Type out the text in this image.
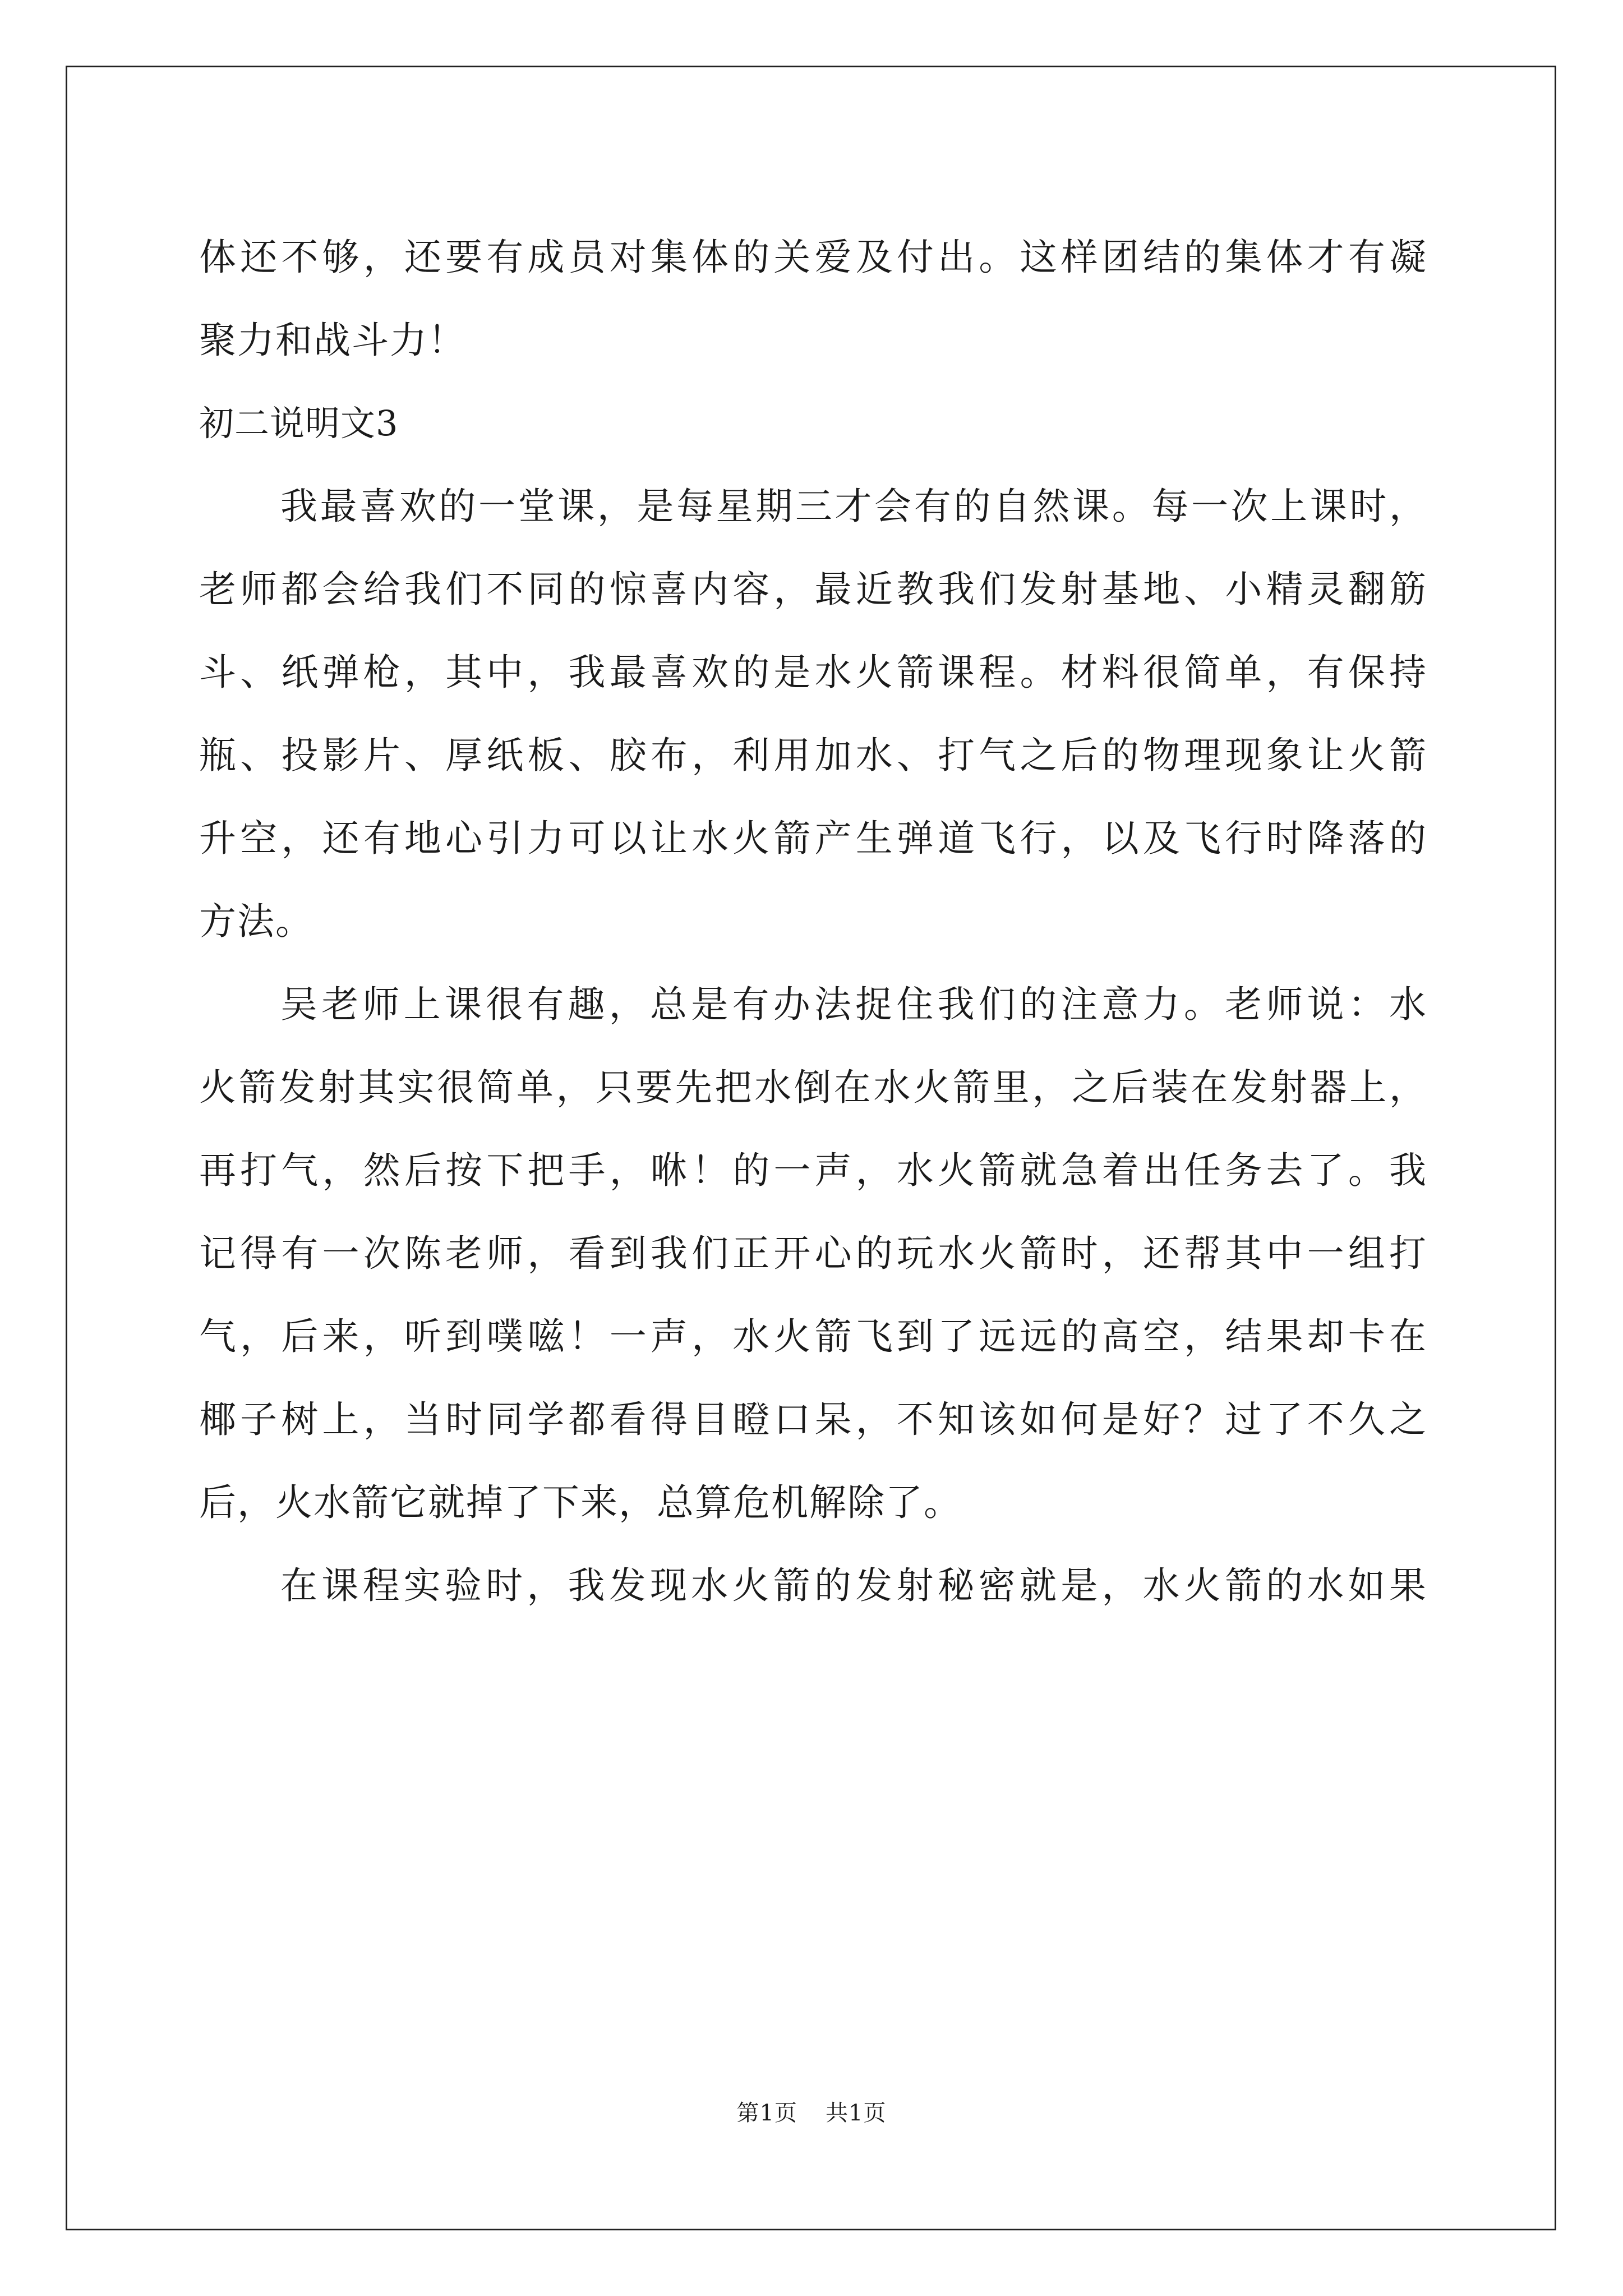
体还不够，还要有成员对集体的关爱及付出。这样团结的集体才有凝
聚力和战斗力！
初二说明文3
我最喜欢的一堂课，是每星期三才会有的自然课。每一次上课时，
老师都会给我们不同的惊喜内容，最近教我们发射基地、小精灵翻筋
斗、纸弹枪，其中，我最喜欢的是水火箭课程。材料很简单，有保持
瓶、投影片、厚纸板、胶布，利用加水、打气之后的物理现象让火箭
升空，还有地心引力可以让水火箭产生弹道飞行，以及飞行时降落的
方法。
吴老师上课很有趣，总是有办法捉住我们的注意力。老师说：水
火箭发射其实很简单，只要先把水倒在水火箭里，之后装在发射器上，
再打气，然后按下把手，咻！的一声，水火箭就急着出任务去了。我
记得有一次陈老师，看到我们正开心的玩水火箭时，还帮其中一组打
气，后来，听到噗嗞！一声，水火箭飞到了远远的高空，结果却卡在
椰子树上，当时同学都看得目瞪口呆，不知该如何是好？过了不久之
后，火水箭它就掉了下来，总算危机解除了。
在课程实验时，我发现水火箭的发射秘密就是，水火箭的水如果
第1页 共1页
